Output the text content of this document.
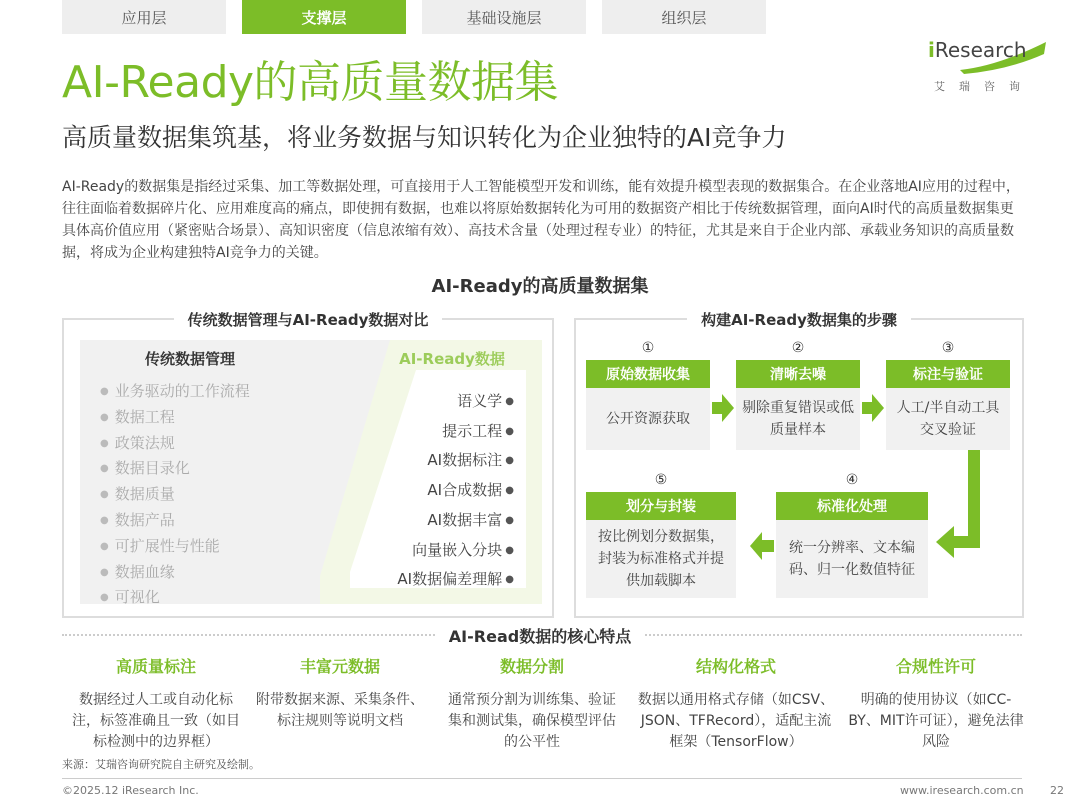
应用层	支撑层	基础设施层	组织层
AI-Ready的高质量数据集
iResearch
艾瑞咨询
高质量数据集筑基，将业务数据与知识转化为企业独特的AI竞争力
AI-Ready的数据集是指经过采集、加工等数据处理，可直接用于人工智能模型开发和训练，能有效提升模型表现的数据集合。在企业落地AI应用的过程中，往往面临着数据碎片化、应用难度高的痛点，即使拥有数据，也难以将原始数据转化为可用的数据资产相比于传统数据管理，面向AI时代的高质量数据集更具体高价值应用（紧密贴合场景）、高知识密度（信息浓缩有效）、高技术含量（处理过程专业）的特征，尤其是来自于企业内部、承载业务知识的高质量数据，将成为企业构建独特AI竞争力的关键。
AI-Ready的高质量数据集
传统数据管理与AI-Ready数据对比
传统数据管理
● 业务驱动的工作流程
● 数据工程
● 政策法规
● 数据目录化
● 数据质量
● 数据产品
● 可扩展性与性能
● 数据血缘
● 可视化
AI-Ready数据
语义学 ●
提示工程 ●
AI数据标注 ●
AI合成数据 ●
AI数据丰富 ●
向量嵌入分块 ●
AI数据偏差理解 ●
构建AI-Ready数据集的步骤
①
原始数据收集
公开资源获取
②
清晰去噪
剔除重复错误或低质量样本
③
标注与验证
人工/半自动工具交叉验证
⑤
划分与封装
按比例划分数据集，封装为标准格式并提供加载脚本
④
标准化处理
统一分辨率、文本编码、归一化数值特征
AI-Read数据的核心特点
高质量标注
数据经过人工或自动化标注，标签准确且一致（如目标检测中的边界框）
丰富元数据
附带数据来源、采集条件、标注规则等说明文档
数据分割
通常预分割为训练集、验证集和测试集，确保模型评估的公平性
结构化格式
数据以通用格式存储（如CSV、JSON、TFRecord），适配主流框架（TensorFlow）
合规性许可
明确的使用协议（如CC-BY、MIT许可证），避免法律风险
来源：艾瑞咨询研究院自主研究及绘制。
©2025.12 iResearch Inc.	www.iresearch.com.cn 22
